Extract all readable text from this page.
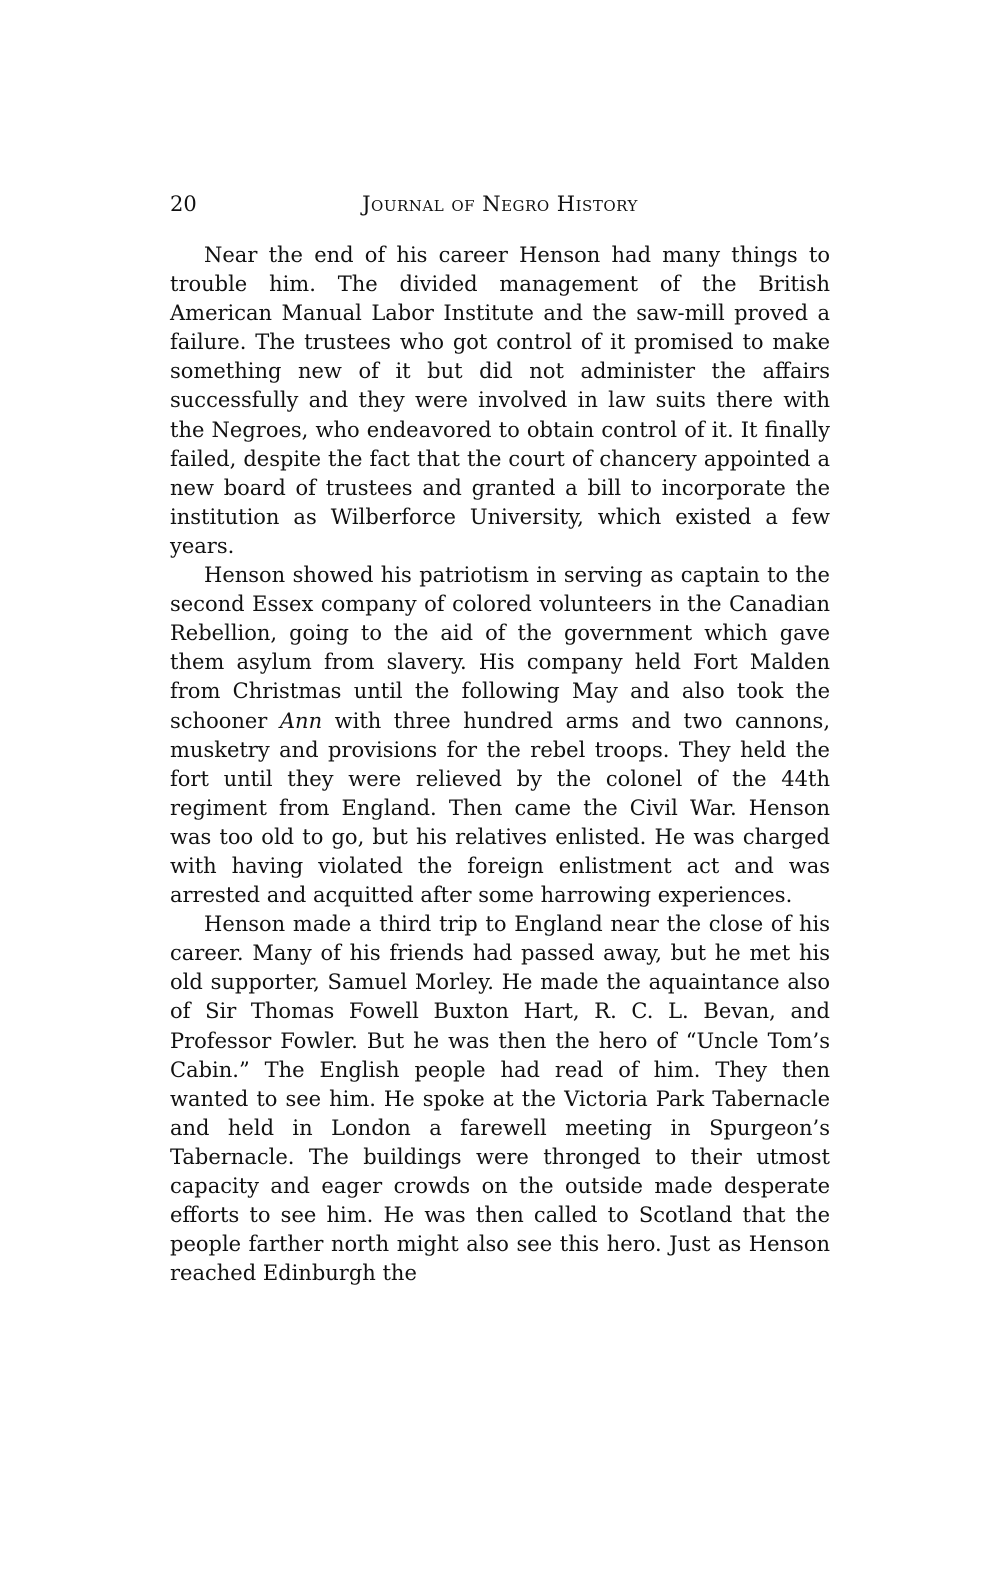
20	Journal of Negro History

Near the end of his career Henson had many things to trouble him. The divided management of the British American Manual Labor Institute and the saw-mill proved a failure. The trustees who got control of it promised to make something new of it but did not administer the affairs successfully and they were involved in law suits there with the Negroes, who endeavored to obtain control of it. It finally failed, despite the fact that the court of chancery appointed a new board of trustees and granted a bill to incorporate the institution as Wilberforce University, which existed a few years.

Henson showed his patriotism in serving as captain to the second Essex company of colored volunteers in the Canadian Rebellion, going to the aid of the government which gave them asylum from slavery. His company held Fort Malden from Christmas until the following May and also took the schooner Ann with three hundred arms and two cannons, musketry and provisions for the rebel troops. They held the fort until they were relieved by the colonel of the 44th regiment from England. Then came the Civil War. Henson was too old to go, but his relatives enlisted. He was charged with having violated the foreign enlistment act and was arrested and acquitted after some harrowing experiences.

Henson made a third trip to England near the close of his career. Many of his friends had passed away, but he met his old supporter, Samuel Morley. He made the aquaintance also of Sir Thomas Fowell Buxton Hart, R. C. L. Bevan, and Professor Fowler. But he was then the hero of “Uncle Tom’s Cabin.” The English people had read of him. They then wanted to see him. He spoke at the Victoria Park Tabernacle and held in London a farewell meeting in Spurgeon’s Tabernacle. The buildings were thronged to their utmost capacity and eager crowds on the outside made desperate efforts to see him. He was then called to Scotland that the people farther north might also see this hero. Just as Henson reached Edinburgh the
